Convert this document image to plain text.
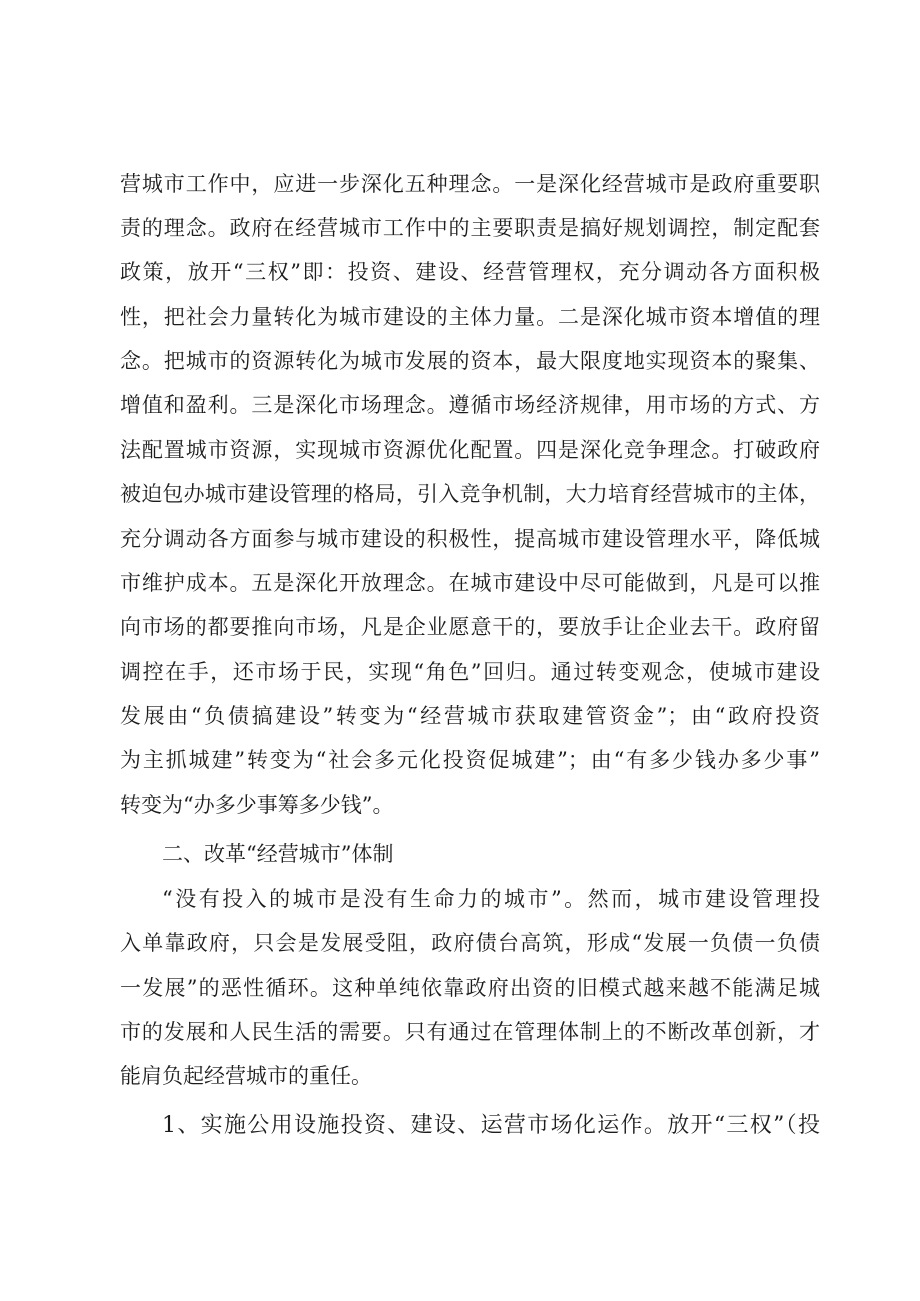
营城市工作中，应进一步深化五种理念。一是深化经营城市是政府重要职

责的理念。政府在经营城市工作中的主要职责是搞好规划调控，制定配套

政策，放开“三权”即：投资、建设、经营管理权，充分调动各方面积极

性，把社会力量转化为城市建设的主体力量。二是深化城市资本增值的理

念。把城市的资源转化为城市发展的资本，最大限度地实现资本的聚集、

增值和盈利。三是深化市场理念。遵循市场经济规律，用市场的方式、方

法配置城市资源，实现城市资源优化配置。四是深化竞争理念。打破政府

被迫包办城市建设管理的格局，引入竞争机制，大力培育经营城市的主体，

充分调动各方面参与城市建设的积极性，提高城市建设管理水平，降低城

市维护成本。五是深化开放理念。在城市建设中尽可能做到，凡是可以推

向市场的都要推向市场，凡是企业愿意干的，要放手让企业去干。政府留

调控在手，还市场于民，实现“角色”回归。通过转变观念，使城市建设

发展由“负债搞建设”转变为“经营城市获取建管资金”；由“政府投资

为主抓城建”转变为“社会多元化投资促城建”；由“有多少钱办多少事”

转变为“办多少事筹多少钱”。

二、改革“经营城市”体制

“没有投入的城市是没有生命力的城市”。然而，城市建设管理投

入单靠政府，只会是发展受阻，政府债台高筑，形成“发展一负债一负债

一发展”的恶性循环。这种单纯依靠政府出资的旧模式越来越不能满足城

市的发展和人民生活的需要。只有通过在管理体制上的不断改革创新，才

能肩负起经营城市的重任。

1、实施公用设施投资、建设、运营市场化运作。放开“三权”（投
